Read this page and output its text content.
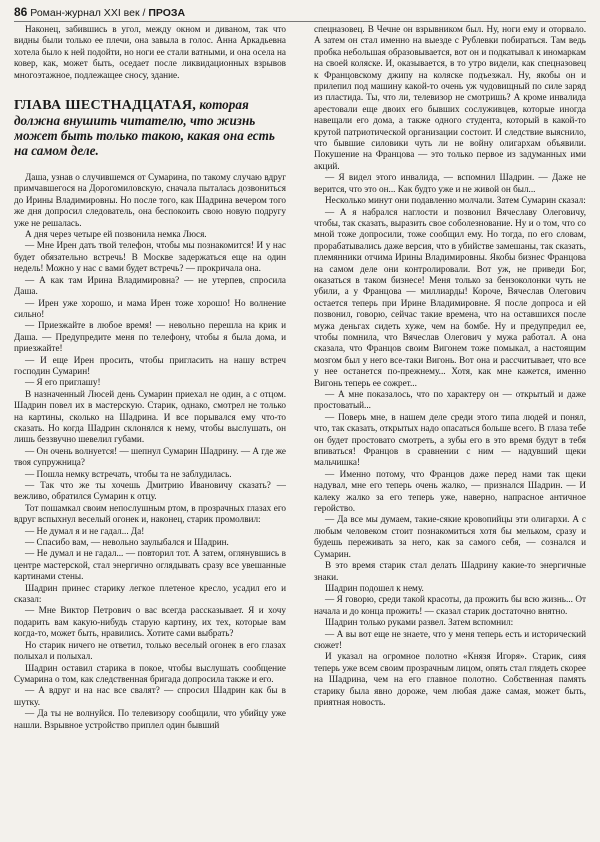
86 Роман-журнал XXI век / ПРОЗА

Наконец, забившись в угол, между окном и диваном, так что видны были только ее плечи, она завыла в голос. Анна Аркадьевна хотела было к ней подойти, но ноги ее стали ватными, и она осела на ковер, как, может быть, оседает после ликвидационных взрывов многоэтажное, подлежащее сносу, здание.

ГЛАВА ШЕСТНАДЦАТАЯ, которая должна внушить читателю, что жизнь может быть только такою, какая она есть на самом деле.

Даша, узнав о случившемся от Сумарина, по такому случаю вдруг примчавшегося на Дорогомиловскую, сначала пыталась дозвониться до Ирины Владимировны. Но после того, как Шадрина вечером того же дня допросил следователь, она беспокоить свою новую подругу уже не решалась.

А дня через четыре ей позвонила немка Люся.

— Мне Ирен дать твой телефон, чтобы мы познакомится! И у нас будет обязательно встречь! В Москве задержаться еще на один недель! Можно у нас с вами будет встречь? — прокричала она.

— А как там Ирина Владимировна? — не утерпев, спросила Даша.

— Ирен уже хорошо, и мама Ирен тоже хорошо! Но волнение сильно!

— Приезжайте в любое время! — невольно перешла на крик и Даша. — Предупредите меня по телефону, чтобы я была дома, и приезжайте!

— И еще Ирен просить, чтобы пригласить на нашу встреч господин Сумарин!

— Я его приглашу!

В назначенный Люсей день Сумарин приехал не один, а с отцом. Шадрин повел их в мастерскую. Старик, однако, смотрел не только на картины, сколько на Шадрина. И все порывался ему что-то сказать. Но когда Шадрин склонялся к нему, чтобы выслушать, он лишь беззвучно шевелил губами.

— Он очень волнуется! — шепнул Сумарин Шадрину. — А где же твоя супружница?

— Пошла немку встречать, чтобы та не заблудилась.

— Так что же ты хочешь Дмитрию Ивановичу сказать? — вежливо, обратился Сумарин к отцу.

Тот пошамкал своим непослушным ртом, в прозрачных глазах его вдруг вспыхнул веселый огонек и, наконец, старик промолвил:

— Не думал я и не гадал... Да!

— Спасибо вам, — невольно заулыбался и Шадрин.

— Не думал и не гадал... — повторил тот. А затем, оглянувшись в центре мастерской, стал энергично оглядывать сразу все увешанные картинами стены.

Шадрин принес старику легкое плетеное кресло, усадил его и сказал:

— Мне Виктор Петрович о вас всегда рассказывает. Я и хочу подарить вам какую-нибудь старую картину, их тех, которые вам когда-то, может быть, нравились. Хотите сами выбрать?

Но старик ничего не ответил, только веселый огонек в его глазах полыхал и полыхал.

Шадрин оставил старика в покое, чтобы выслушать сообщение Сумарина о том, как следственная бригада допросила также и его.

— А вдруг и на нас все свалят? — спросил Шадрин как бы в шутку.

— Да ты не волнуйся. По телевизору сообщили, что убийцу уже нашли. Взрывное устройство приплел один бывший

спецназовец. В Чечне он взрывником был. Ну, ноги ему и оторвало. А затем он стал именно на выезде с Рублевки побираться. Там ведь пробка небольшая образовывается, вот он и подкатывал к иномаркам на своей коляске. И, оказывается, в то утро видели, как спецназовец к Францовскому джипу на коляске подъезжал. Ну, якобы он и прилепил под машину какой-то очень уж чудовищный по силе заряд из пластида. Ты, что ли, телевизор не смотришь? А кроме инвалида арестовали еще двоих его бывших сослуживцев, которые иногда навещали его дома, а также одного студента, который в какой-то крутой патриотической организации состоит. И следствие выяснило, что бывшие силовики чуть ли не войну олигархам объявили. Покушение на Францова — это только первое из задуманных ими акций.

— Я видел этого инвалида, — вспомнил Шадрин. — Даже не верится, что это он... Как будто уже и не живой он был...

Несколько минут они подавленно молчали. Затем Сумарин сказал:

— А я набрался наглости и позвонил Вячеславу Олеговичу, чтобы, так сказать, выразить свое соболезнование. Ну и о том, что со мной тоже допросили, тоже сообщил ему. Но тогда, по его словам, прорабатывались даже версия, что в убийстве замешаны, так сказать, племянники отчима Ирины Владимировны. Якобы бизнес Францова на самом деле они контролировали. Вот уж, не приведи Бог, оказаться в таком бизнесе! Меня только за бензоколонки чуть не убили, а у Францова — миллиарды! Короче, Вячеслав Олегович остается теперь при Ирине Владимировне. Я после допроса и ей позвонил, говорю, сейчас такие времена, что на оставшихся после мужа деньгах сидеть хуже, чем на бомбе. Ну и предупредил ее, чтобы помнила, что Вячеслав Олегович у мужа работал. А она сказала, что Францов своим Вигонем тоже помыкал, а настоящим мозгом был у него все-таки Вигонь. Вот она и рассчитывает, что все у нее останется по-прежнему... Хотя, как мне кажется, именно Вигонь теперь ее сожрет...

— А мне показалось, что по характеру он — открытый и даже простоватый...

— Поверь мне, в нашем деле среди этого типа людей и понял, что, так сказать, открытых надо опасаться больше всего. В глаза тебе он будет простовато смотреть, а зубы его в это время будут в тебя впиваться! Францов в сравнении с ним — надувший щеки мальчишка!

— Именно потому, что Францов даже перед нами так щеки надувал, мне его теперь очень жалко, — признался Шадрин. — И калеку жалко за его теперь уже, наверно, напрасное античное геройство.

— Да все мы думаем, такие-сякие кровопийцы эти олигархи. А с любым человеком стоит познакомиться хотя бы мельком, сразу и будешь переживать за него, как за самого себя, — сознался и Сумарин.

В это время старик стал делать Шадрину какие-то энергичные знаки.

Шадрин подошел к нему.

— Я говорю, среди такой красоты, да прожить бы всю жизнь... От начала и до конца прожить! — сказал старик достаточно внятно.

Шадрин только руками развел. Затем вспомнил:

— А вы вот еще не знаете, что у меня теперь есть и исторический сюжет!

И указал на огромное полотно «Князя Игоря». Старик, сияя теперь уже всем своим прозрачным лицом, опять стал глядеть скорее на Шадрина, чем на его главное полотно. Собственная память старику была явно дороже, чем любая даже самая, может быть, приятная новость.
